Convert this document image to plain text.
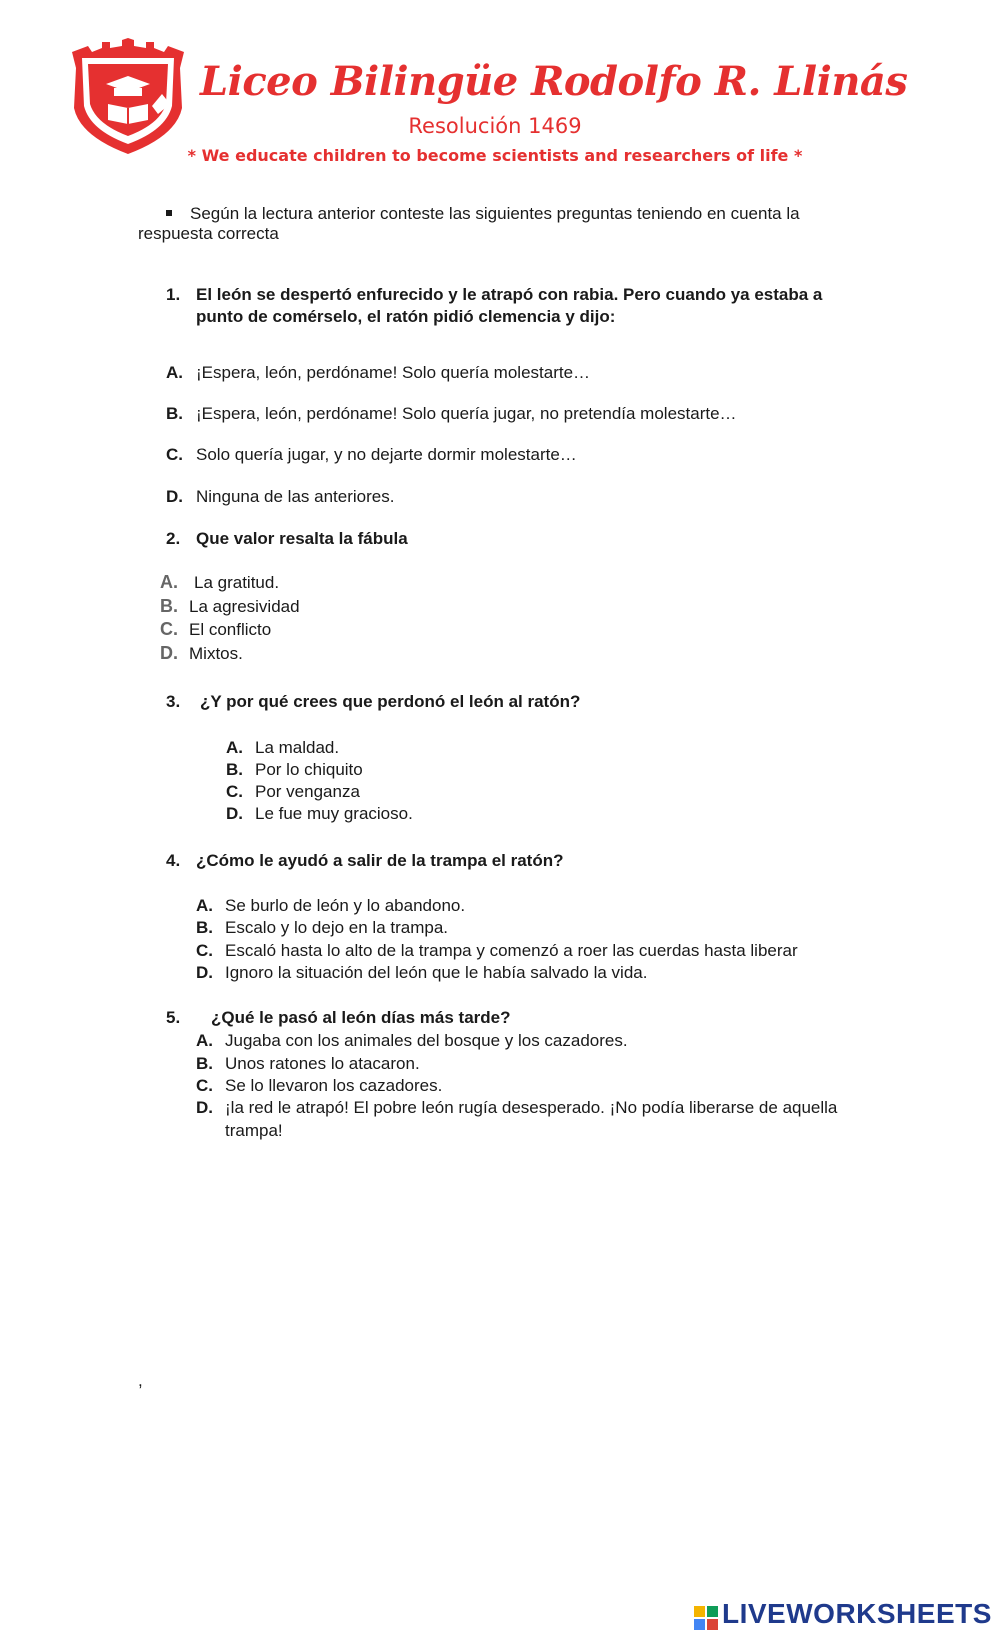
Liceo Bilingüe Rodolfo R. Llinás
Resolución 1469
* We educate children to become scientists and researchers of life *
Según la lectura anterior conteste las siguientes preguntas teniendo en cuenta la
respuesta correcta
1. El león se despertó enfurecido y le atrapó con rabia. Pero cuando ya estaba a
punto de comérselo, el ratón pidió clemencia y dijo:
A. ¡Espera, león, perdóname! Solo quería molestarte…
B. ¡Espera, león, perdóname! Solo quería jugar, no pretendía molestarte…
C. Solo quería jugar, y no dejarte dormir molestarte…
D. Ninguna de las anteriores.
2. Que valor resalta la fábula
A. La gratitud.
B. La agresividad
C. El conflicto
D. Mixtos.
3. ¿Y por qué crees que perdonó el león al ratón?
A. La maldad.
B. Por lo chiquito
C. Por venganza
D. Le fue muy gracioso.
4. ¿Cómo le ayudó a salir de la trampa el ratón?
A. Se burlo de león y lo abandono.
B. Escalo y lo dejo en la trampa.
C. Escaló hasta lo alto de la trampa y comenzó a roer las cuerdas hasta liberar
D. Ignoro la situación del león que le había salvado la vida.
5. ¿Qué le pasó al león días más tarde?
A. Jugaba con los animales del bosque y los cazadores.
B. Unos ratones lo atacaron.
C. Se lo llevaron los cazadores.
D. ¡la red le atrapó! El pobre león rugía desesperado. ¡No podía liberarse de aquella
trampa!
,
LIVEWORKSHEETS
